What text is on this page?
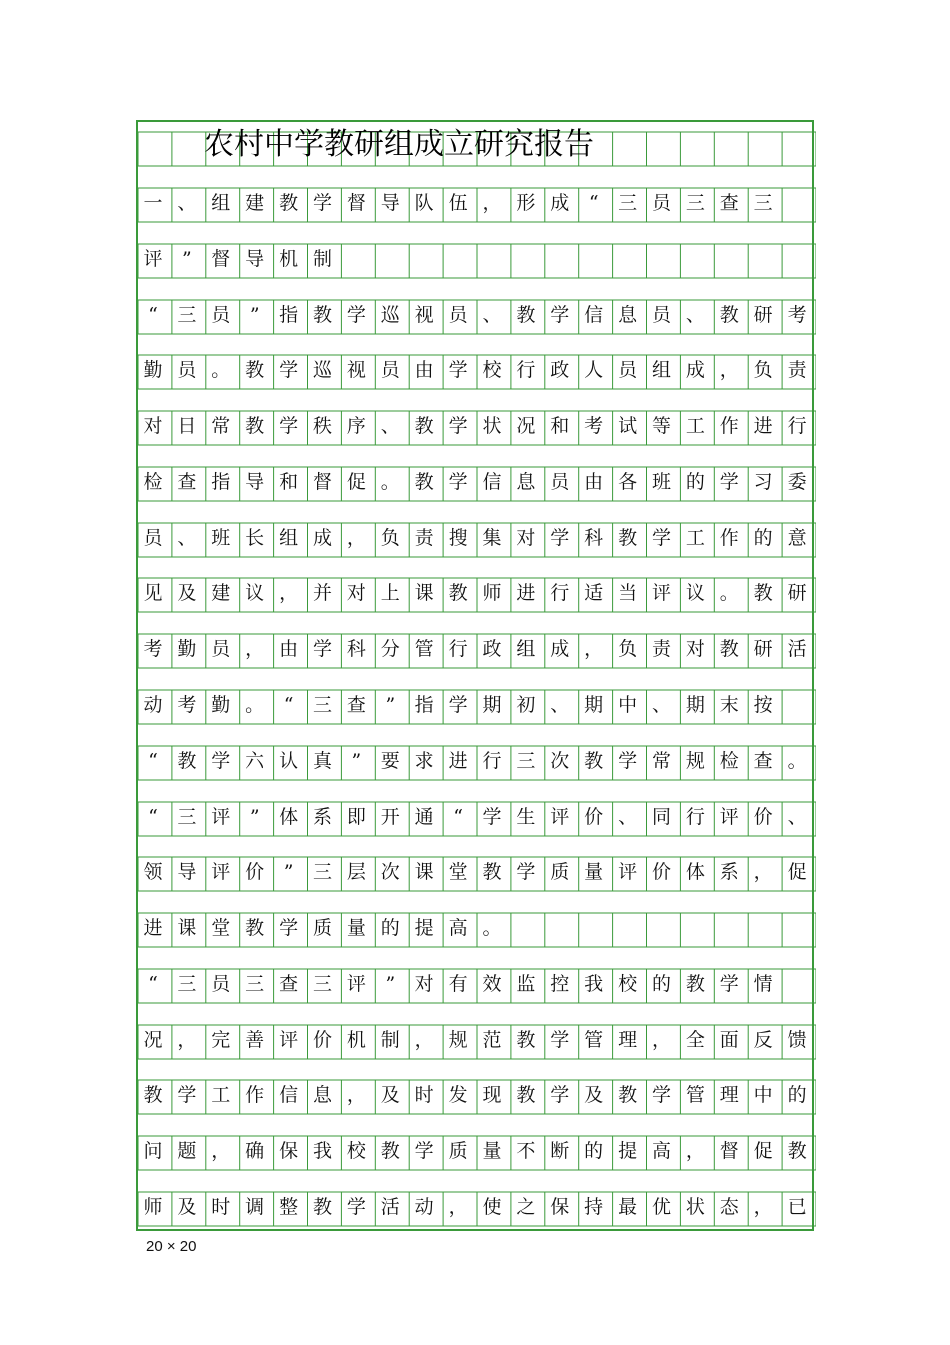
农村中学教研组成立研究报告
一 、 组 建 教 学 督 导 队 伍 ， 形 成	“	三 员 三 查 三
评	”	督 导 机 制
“	三 员	”	指 教 学 巡 视 员 、 教 学 信 息 员 、 教 研 考
勤 员 。 教 学 巡 视 员 由 学 校 行 政 人 员 组 成 ， 负 责
对 日 常 教 学 秩 序 、 教 学 状 况 和 考 试 等 工 作 进 行
检 查 指 导 和 督 促 。 教 学 信 息 员 由 各 班 的 学 习 委
员 、 班 长 组 成 ， 负 责 搜 集 对 学 科 教 学 工 作 的 意
见 及 建 议 ， 并 对 上 课 教 师 进 行 适 当 评 议 。 教 研
考 勤 员 ， 由 学 科 分 管 行 政 组 成 ， 负 责 对 教 研 活
动 考 勤 。	“	三 查	”	指 学 期 初 、 期 中 、 期 末 按
“	教 学 六 认 真	”	要 求 进 行 三 次 教 学 常 规 检 查 。
“	三 评	”	体 系 即 开 通	“	学 生 评 价 、 同 行 评 价 、
领 导 评 价	”	三 层 次 课 堂 教 学 质 量 评 价 体 系 ， 促
进 课 堂 教 学 质 量 的 提 高 。
“	三 员 三 查 三 评	”	对 有 效 监 控 我 校 的 教 学 情
况 ， 完 善 评 价 机 制 ， 规 范 教 学 管 理 ， 全 面 反 馈
教 学 工 作 信 息 ， 及 时 发 现 教 学 及 教 学 管 理 中 的
问 题 ， 确 保 我 校 教 学 质 量 不 断 的 提 高 ， 督 促 教
师 及 时 调 整 教 学 活 动 ， 使 之 保 持 最 优 状 态 ， 已
20 × 20
